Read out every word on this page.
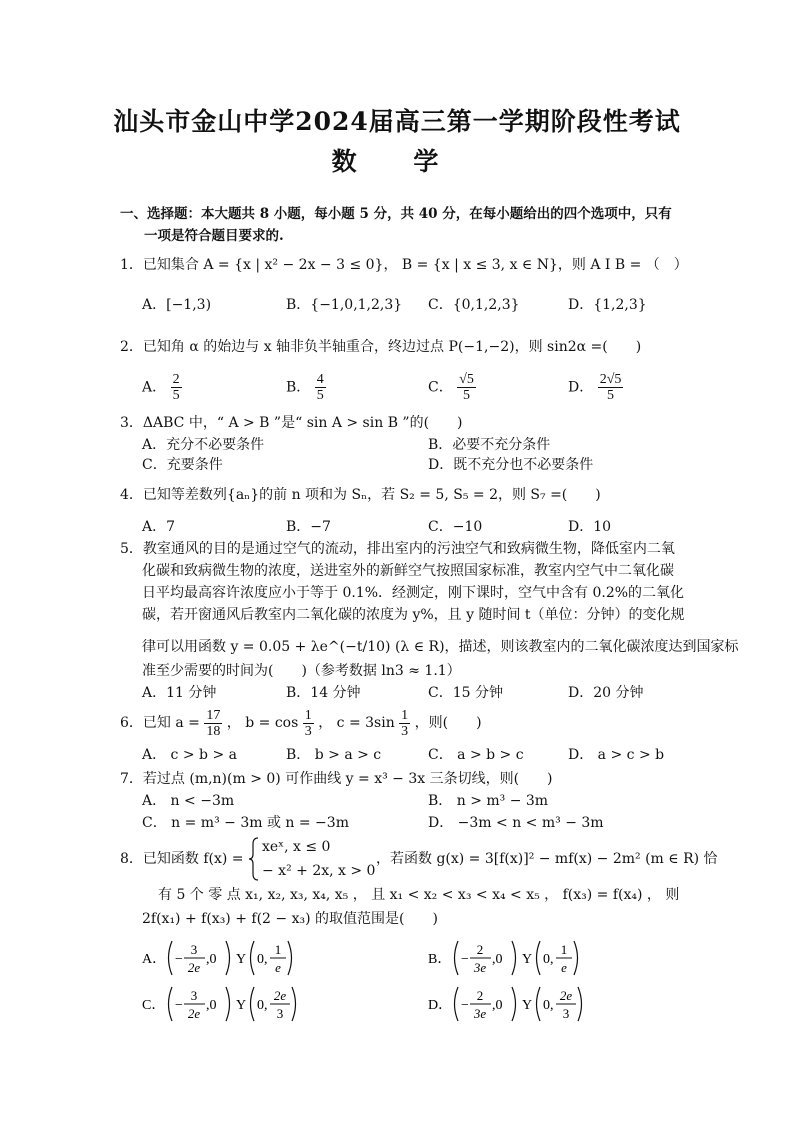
汕头市金山中学2024届高三第一学期阶段性考试
数 学
一、选择题：本大题共 8 小题，每小题 5 分，共 40 分，在每小题给出的四个选项中，只有
一项是符合题目要求的.
1．已知集合 A = {x | x² − 2x − 3 ≤ 0}， B = {x | x ≤ 3, x ∈ N}，则 A I B = （　）
A．[−1,3)	B．{−1,0,1,2,3} C．{0,1,2,3}	D．{1,2,3}
2．已知角 α 的始边与 x 轴非负半轴重合，终边过点 P(−1,−2)，则 sin2α =(　　)
A． $\frac{2}{5}$	B． $\frac{4}{5}$	C． $\frac{√5}{5}$	D． $\frac{2√5}{5}$
3．ΔABC 中，“ A > B ”是“ sin A > sin B ”的(　　)
A．充分不必要条件	B．必要不充分条件
C．充要条件	D．既不充分也不必要条件
4．已知等差数列{aₙ}的前 n 项和为 Sₙ，若 S₂ = 5, S₅ = 2，则 S₇ =(　　)
A．7	B．−7	C．−10	D．10
5．教室通风的目的是通过空气的流动，排出室内的污浊空气和致病微生物，降低室内二氧
化碳和致病微生物的浓度，送进室外的新鲜空气按照国家标准，教室内空气中二氧化碳
日平均最高容许浓度应小于等于 0.1%．经测定，刚下课时，空气中含有 0.2%的二氧化
碳，若开窗通风后教室内二氧化碳的浓度为 y%，且 y 随时间 t（单位：分钟）的变化规
律可以用函数 y = 0.05 + λe^(−t/10) (λ ∈ R)，描述，则该教室内的二氧化碳浓度达到国家标
准至少需要的时间为(　　)（参考数据 ln3 ≈ 1.1）
A．11 分钟	B．14 分钟	C．15 分钟	D．20 分钟
6．已知 $a = \frac{17}{18}$ ， $b = \cos \frac{1}{3}$ ， $c = 3\sin \frac{1}{3}$ ，则(　　)
A． c > b > a	B． b > a > c	C． a > b > c	D． a > c > b
7．若过点 (m,n)(m > 0) 可作曲线 y = x³ − 3x 三条切线，则(　　)
A． n < −3m	B． n > m³ − 3m
C． n = m³ − 3m 或 n = −3m	D． −3m < n < m³ − 3m
8．已知函数 f(x) =
xeˣ, x ≤ 0
− x² + 2x, x > 0
，若函数 g(x) = 3[f(x)]² − mf(x) − 2m² (m ∈ R) 恰
有 5 个 零 点 x₁, x₂, x₃, x₄, x₅ ， 且 x₁ < x₂ < x₃ < x₄ < x₅ ， f(x₃) = f(x₄) ， 则
2f(x₁) + f(x₃) + f(2 − x₃) 的取值范围是(　　)
A． −
3
2e
,0 Y 0,
1
e
B． −
2
3e
,0 Y 0,
1
e
C． −
3
2e
,0 Y 0,
2e
3
D． −
2
3e
,0 Y 0,
2e
3
